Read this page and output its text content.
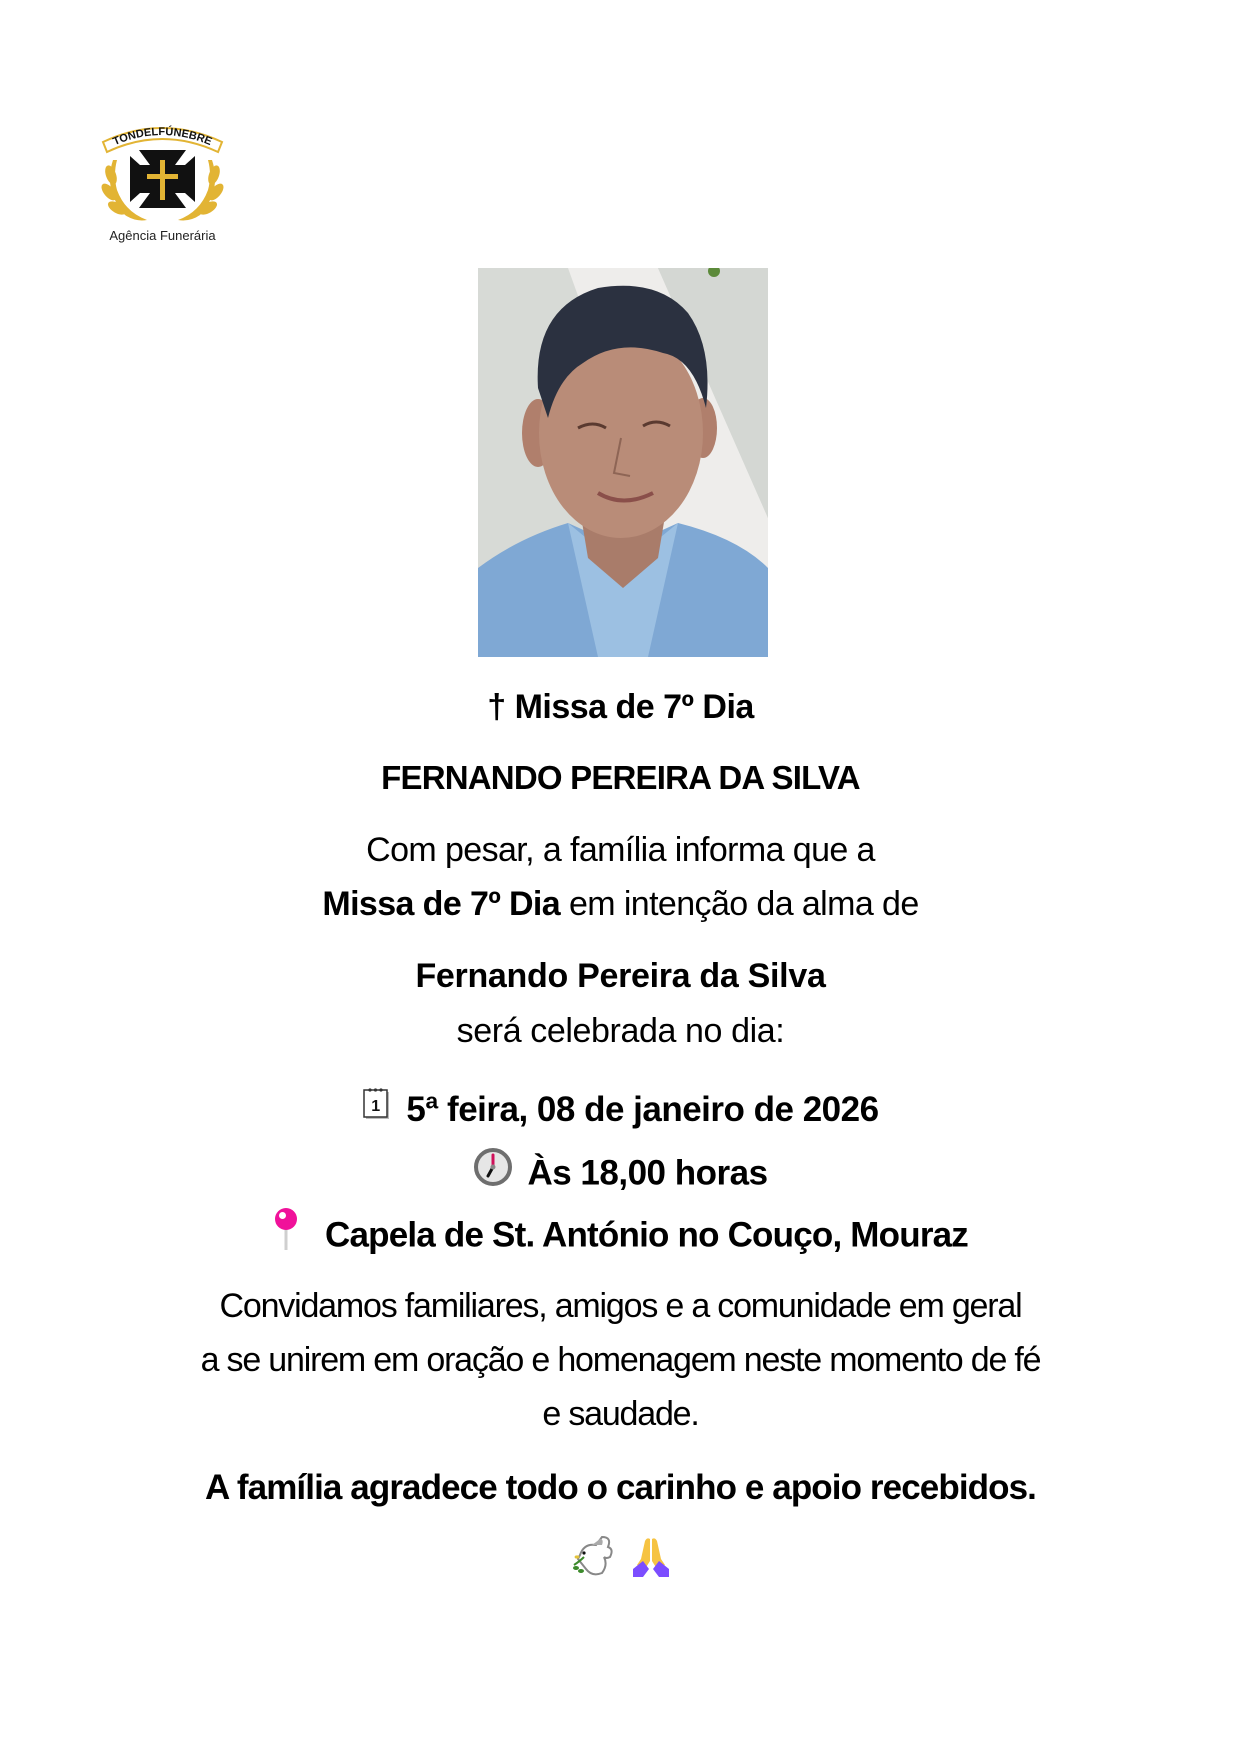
TONDELFÚNEBRE
Agência Funerária
† Missa de 7º Dia
FERNANDO PEREIRA DA SILVA
Com pesar, a família informa que a
Missa de 7º Dia em intenção da alma de
Fernando Pereira da Silva
será celebrada no dia:
1 5ª feira, 08 de janeiro de 2026
Às 18,00 horas
Capela de St. António no Couço, Mouraz
Convidamos familiares, amigos e a comunidade em geral
a se unirem em oração e homenagem neste momento de fé
e saudade.
A família agradece todo o carinho e apoio recebidos.
